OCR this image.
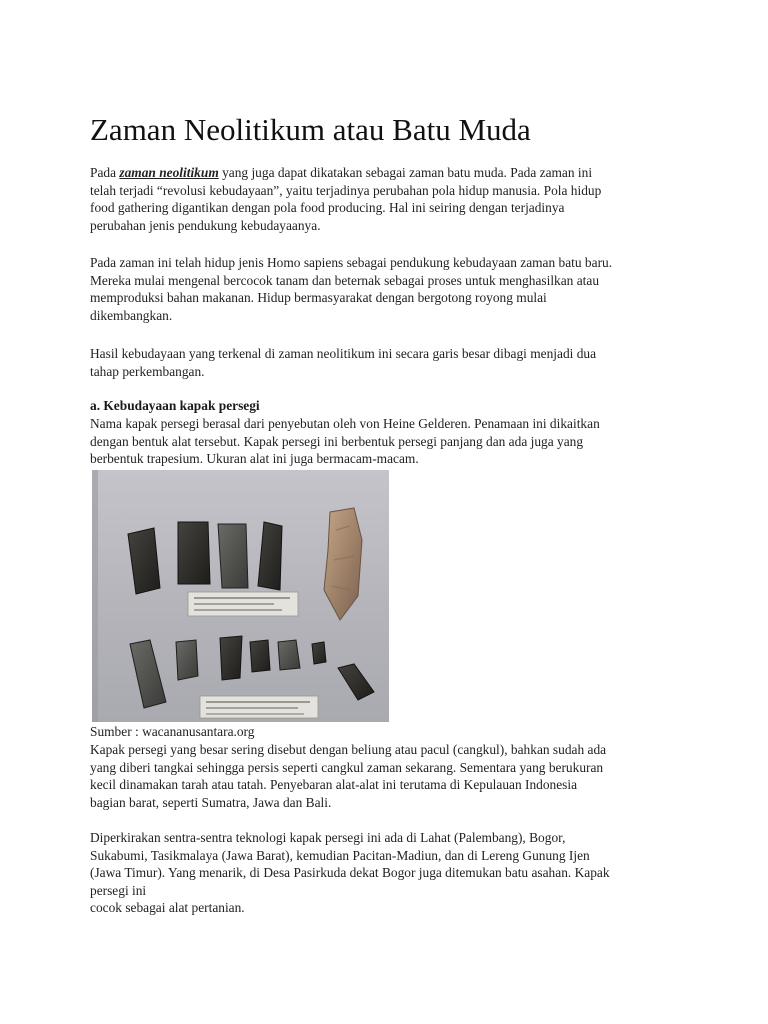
Zaman Neolitikum atau Batu Muda

Pada zaman neolitikum yang juga dapat dikatakan sebagai zaman batu muda. Pada zaman ini
telah terjadi “revolusi kebudayaan”, yaitu terjadinya perubahan pola hidup manusia. Pola hidup
food gathering digantikan dengan pola food producing. Hal ini seiring dengan terjadinya
perubahan jenis pendukung kebudayaanya.

Pada zaman ini telah hidup jenis Homo sapiens sebagai pendukung kebudayaan zaman batu baru.
Mereka mulai mengenal bercocok tanam dan beternak sebagai proses untuk menghasilkan atau
memproduksi bahan makanan. Hidup bermasyarakat dengan bergotong royong mulai
dikembangkan.

Hasil kebudayaan yang terkenal di zaman neolitikum ini secara garis besar dibagi menjadi dua
tahap perkembangan.

a. Kebudayaan kapak persegi

Nama kapak persegi berasal dari penyebutan oleh von Heine Gelderen. Penamaan ini dikaitkan
dengan bentuk alat tersebut. Kapak persegi ini berbentuk persegi panjang dan ada juga yang
berbentuk trapesium. Ukuran alat ini juga bermacam-macam.

Sumber : wacananusantara.org

Kapak persegi yang besar sering disebut dengan beliung atau pacul (cangkul), bahkan sudah ada
yang diberi tangkai sehingga persis seperti cangkul zaman sekarang. Sementara yang berukuran
kecil dinamakan tarah atau tatah. Penyebaran alat-alat ini terutama di Kepulauan Indonesia
bagian barat, seperti Sumatra, Jawa dan Bali.

Diperkirakan sentra-sentra teknologi kapak persegi ini ada di Lahat (Palembang), Bogor,
Sukabumi, Tasikmalaya (Jawa Barat), kemudian Pacitan-Madiun, dan di Lereng Gunung Ijen
(Jawa Timur). Yang menarik, di Desa Pasirkuda dekat Bogor juga ditemukan batu asahan. Kapak
persegi ini
cocok sebagai alat pertanian.
